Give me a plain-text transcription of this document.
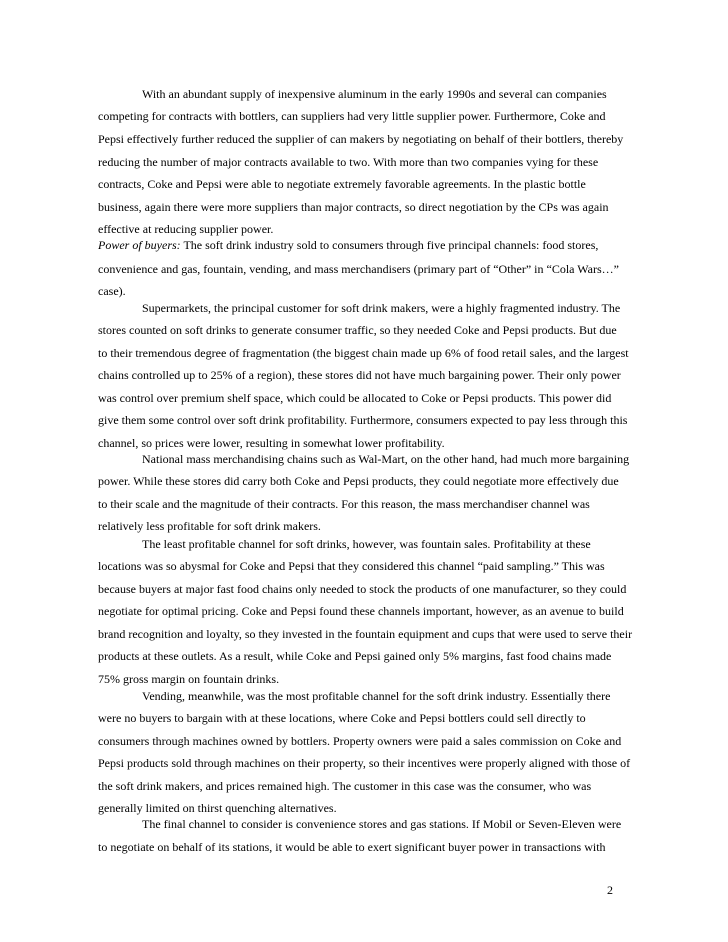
With an abundant supply of inexpensive aluminum in the early 1990s and several can companies
competing for contracts with bottlers, can suppliers had very little supplier power. Furthermore, Coke and
Pepsi effectively further reduced the supplier of can makers by negotiating on behalf of their bottlers, thereby
reducing the number of major contracts available to two. With more than two companies vying for these
contracts, Coke and Pepsi were able to negotiate extremely favorable agreements. In the plastic bottle
business, again there were more suppliers than major contracts, so direct negotiation by the CPs was again
effective at reducing supplier power.
Power of buyers: The soft drink industry sold to consumers through five principal channels: food stores,
convenience and gas, fountain, vending, and mass merchandisers (primary part of “Other” in “Cola Wars…”
case).
Supermarkets, the principal customer for soft drink makers, were a highly fragmented industry. The
stores counted on soft drinks to generate consumer traffic, so they needed Coke and Pepsi products. But due
to their tremendous degree of fragmentation (the biggest chain made up 6% of food retail sales, and the largest
chains controlled up to 25% of a region), these stores did not have much bargaining power. Their only power
was control over premium shelf space, which could be allocated to Coke or Pepsi products. This power did
give them some control over soft drink profitability. Furthermore, consumers expected to pay less through this
channel, so prices were lower, resulting in somewhat lower profitability.
National mass merchandising chains such as Wal-Mart, on the other hand, had much more bargaining
power. While these stores did carry both Coke and Pepsi products, they could negotiate more effectively due
to their scale and the magnitude of their contracts. For this reason, the mass merchandiser channel was
relatively less profitable for soft drink makers.
The least profitable channel for soft drinks, however, was fountain sales. Profitability at these
locations was so abysmal for Coke and Pepsi that they considered this channel “paid sampling.” This was
because buyers at major fast food chains only needed to stock the products of one manufacturer, so they could
negotiate for optimal pricing. Coke and Pepsi found these channels important, however, as an avenue to build
brand recognition and loyalty, so they invested in the fountain equipment and cups that were used to serve their
products at these outlets. As a result, while Coke and Pepsi gained only 5% margins, fast food chains made
75% gross margin on fountain drinks.
Vending, meanwhile, was the most profitable channel for the soft drink industry. Essentially there
were no buyers to bargain with at these locations, where Coke and Pepsi bottlers could sell directly to
consumers through machines owned by bottlers. Property owners were paid a sales commission on Coke and
Pepsi products sold through machines on their property, so their incentives were properly aligned with those of
the soft drink makers, and prices remained high. The customer in this case was the consumer, who was
generally limited on thirst quenching alternatives.
The final channel to consider is convenience stores and gas stations. If Mobil or Seven-Eleven were
to negotiate on behalf of its stations, it would be able to exert significant buyer power in transactions with
2
